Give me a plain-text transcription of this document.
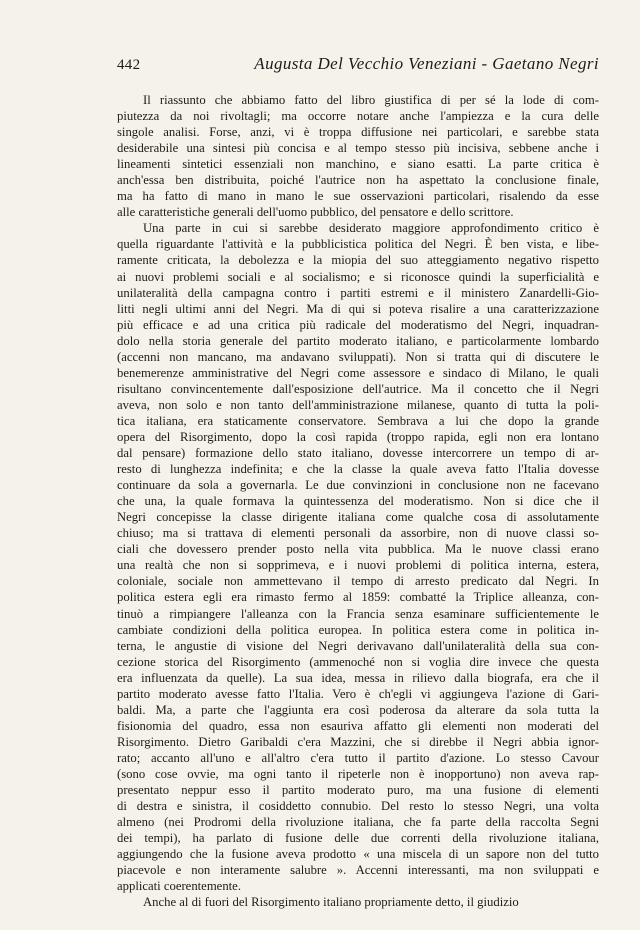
442	Augusta Del Vecchio Veneziani - Gaetano Negri
Il riassunto che abbiamo fatto del libro giustifica di per sé la lode di com-
piutezza da noi rivoltagli; ma occorre notare anche l'ampiezza e la cura delle
singole analisi. Forse, anzi, vi è troppa diffusione nei particolari, e sarebbe stata
desiderabile una sintesi più concisa e al tempo stesso più incisiva, sebbene anche i
lineamenti sintetici essenziali non manchino, e siano esatti. La parte critica è
anch'essa ben distribuita, poiché l'autrice non ha aspettato la conclusione finale,
ma ha fatto di mano in mano le sue osservazioni particolari, risalendo da esse
alle caratteristiche generali dell'uomo pubblico, del pensatore e dello scrittore.
Una parte in cui si sarebbe desiderato maggiore approfondimento critico è
quella riguardante l'attività e la pubblicistica politica del Negri. È ben vista, e libe-
ramente criticata, la debolezza e la miopia del suo atteggiamento negativo rispetto
ai nuovi problemi sociali e al socialismo; e si riconosce quindi la superficialità e
unilateralità della campagna contro i partiti estremi e il ministero Zanardelli-Gio-
litti negli ultimi anni del Negri. Ma di qui si poteva risalire a una caratterizzazione
più efficace e ad una critica più radicale del moderatismo del Negri, inquadran-
dolo nella storia generale del partito moderato italiano, e particolarmente lombardo
(accenni non mancano, ma andavano sviluppati). Non si tratta qui di discutere le
benemerenze amministrative del Negri come assessore e sindaco di Milano, le quali
risultano convincentemente dall'esposizione dell'autrice. Ma il concetto che il Negri
aveva, non solo e non tanto dell'amministrazione milanese, quanto di tutta la poli-
tica italiana, era staticamente conservatore. Sembrava a lui che dopo la grande
opera del Risorgimento, dopo la così rapida (troppo rapida, egli non era lontano
dal pensare) formazione dello stato italiano, dovesse intercorrere un tempo di ar-
resto di lunghezza indefinita; e che la classe la quale aveva fatto l'Italia dovesse
continuare da sola a governarla. Le due convinzioni in conclusione non ne facevano
che una, la quale formava la quintessenza del moderatismo. Non si dice che il
Negri concepisse la classe dirigente italiana come qualche cosa di assolutamente
chiuso; ma si trattava di elementi personali da assorbire, non di nuove classi so-
ciali che dovessero prender posto nella vita pubblica. Ma le nuove classi erano
una realtà che non si sopprimeva, e i nuovi problemi di politica interna, estera,
coloniale, sociale non ammettevano il tempo di arresto predicato dal Negri. In
politica estera egli era rimasto fermo al 1859: combatté la Triplice alleanza, con-
tinuò a rimpiangere l'alleanza con la Francia senza esaminare sufficientemente le
cambiate condizioni della politica europea. In politica estera come in politica in-
terna, le angustie di visione del Negri derivavano dall'unilateralità della sua con-
cezione storica del Risorgimento (ammenoché non si voglia dire invece che questa
era influenzata da quelle). La sua idea, messa in rilievo dalla biografa, era che il
partito moderato avesse fatto l'Italia. Vero è ch'egli vi aggiungeva l'azione di Gari-
baldi. Ma, a parte che l'aggiunta era così poderosa da alterare da sola tutta la
fisionomia del quadro, essa non esauriva affatto gli elementi non moderati del
Risorgimento. Dietro Garibaldi c'era Mazzini, che si direbbe il Negri abbia ignor-
rato; accanto all'uno e all'altro c'era tutto il partito d'azione. Lo stesso Cavour
(sono cose ovvie, ma ogni tanto il ripeterle non è inopportuno) non aveva rap-
presentato neppur esso il partito moderato puro, ma una fusione di elementi
di destra e sinistra, il cosiddetto connubio. Del resto lo stesso Negri, una volta
almeno (nei Prodromi della rivoluzione italiana, che fa parte della raccolta Segni
dei tempi), ha parlato di fusione delle due correnti della rivoluzione italiana,
aggiungendo che la fusione aveva prodotto « una miscela di un sapore non del tutto
piacevole e non interamente salubre ». Accenni interessanti, ma non sviluppati e
applicati coerentemente.
Anche al di fuori del Risorgimento italiano propriamente detto, il giudizio
